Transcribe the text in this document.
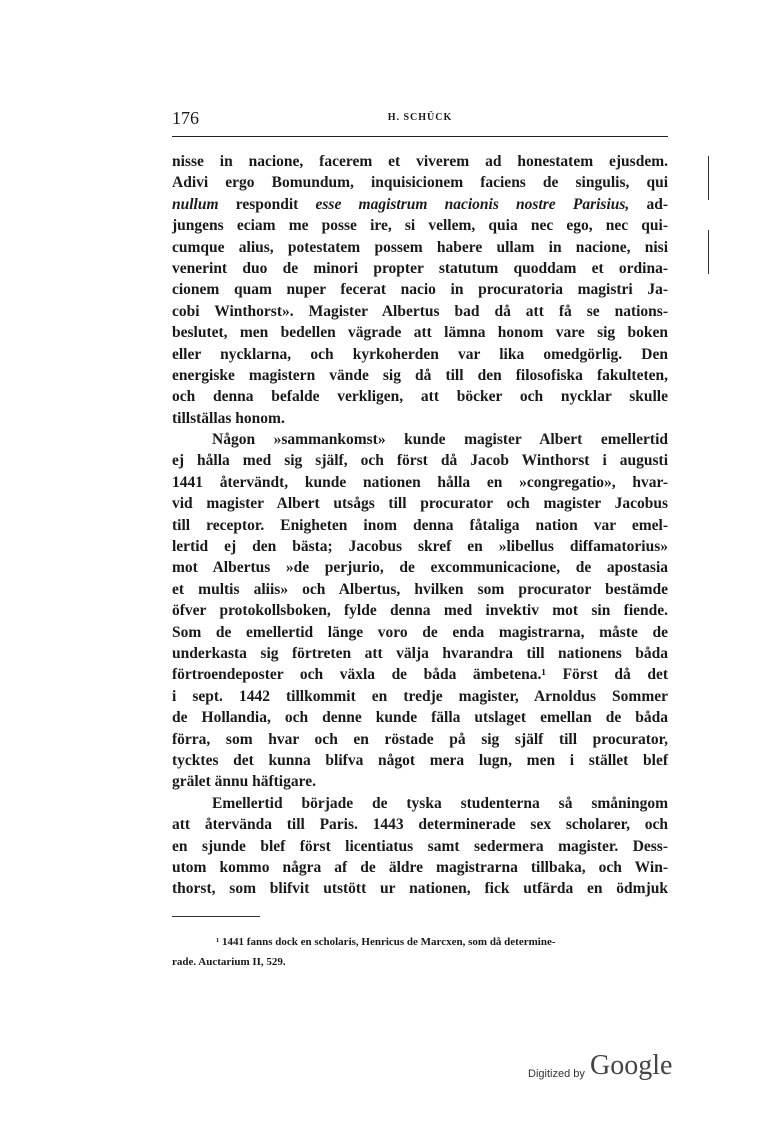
176	H. SCHÜCK
nisse in nacione, facerem et viverem ad honestatem ejusdem.
Adivi ergo Bomundum, inquisicionem faciens de singulis, qui
nullum respondit esse magistrum nacionis nostre Parisius, ad-
jungens eciam me posse ire, si vellem, quia nec ego, nec qui-
cumque alius, potestatem possem habere ullam in nacione, nisi
venerint duo de minori propter statutum quoddam et ordina-
cionem quam nuper fecerat nacio in procuratoria magistri Ja-
cobi Winthorst». Magister Albertus bad då att få se nations-
beslutet, men bedellen vägrade att lämna honom vare sig boken
eller nycklarna, och kyrkoherden var lika omedgörlig. Den
energiske magistern vände sig då till den filosofiska fakulteten,
och denna befalde verkligen, att böcker och nycklar skulle
tillställas honom.
Någon »sammankomst» kunde magister Albert emellertid
ej hålla med sig själf, och först då Jacob Winthorst i augusti
1441 återvändt, kunde nationen hålla en »congregatio», hvar-
vid magister Albert utsågs till procurator och magister Jacobus
till receptor. Enigheten inom denna fåtaliga nation var emel-
lertid ej den bästa; Jacobus skref en »libellus diffamatorius»
mot Albertus »de perjurio, de excommunicacione, de apostasia
et multis aliis» och Albertus, hvilken som procurator bestämde
öfver protokollsboken, fylde denna med invektiv mot sin fiende.
Som de emellertid länge voro de enda magistrarna, måste de
underkasta sig förtreten att välja hvarandra till nationens båda
förtroendeposter och växla de båda ämbetena.¹ Först då det
i sept. 1442 tillkommit en tredje magister, Arnoldus Sommer
de Hollandia, och denne kunde fälla utslaget emellan de båda
förra, som hvar och en röstade på sig själf till procurator,
tycktes det kunna blifva något mera lugn, men i stället blef
grälet ännu häftigare.
Emellertid började de tyska studenterna så småningom
att återvända till Paris. 1443 determinerade sex scholarer, och
en sjunde blef först licentiatus samt sedermera magister. Dess-
utom kommo några af de äldre magistrarna tillbaka, och Win-
thorst, som blifvit utstött ur nationen, fick utfärda en ödmjuk
¹ 1441 fanns dock en scholaris, Henricus de Marcxen, som då determine-
rade. Auctarium II, 529.
Digitized by Google
